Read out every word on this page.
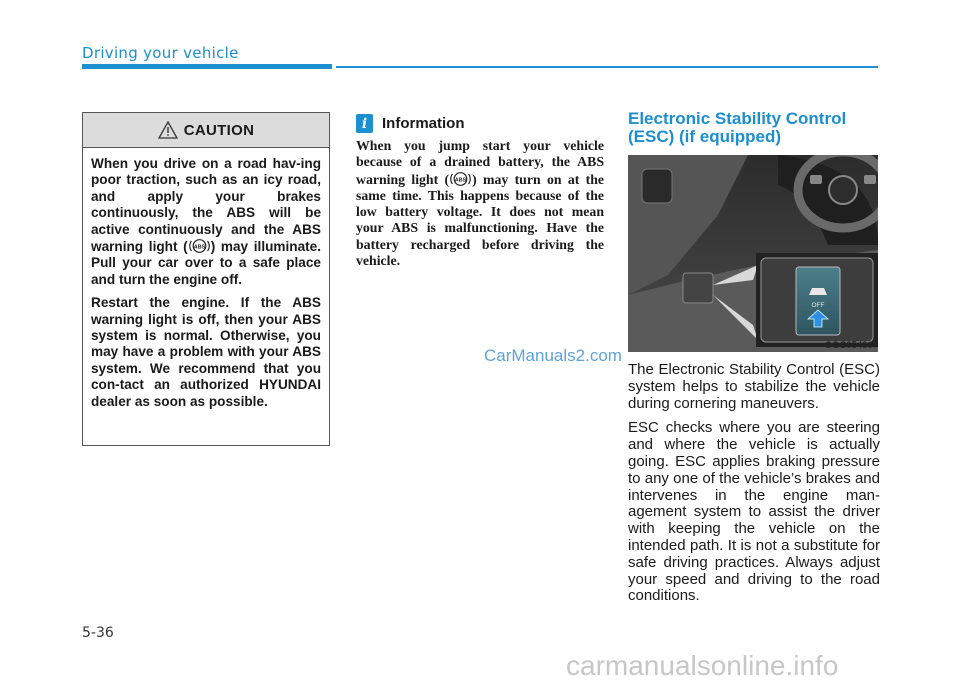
Driving your vehicle
CAUTION

When you drive on a road hav-ing poor traction, such as an icy road, and apply your brakes continuously, the ABS will be active continuously and the ABS warning light ( ABS ) may illuminate. Pull your car over to a safe place and turn the engine off.

Restart the engine. If the ABS warning light is off, then your ABS system is normal. Otherwise, you may have a problem with your ABS system. We recommend that you con-tact an authorized HYUNDAI dealer as soon as possible.

i Information
When you jump start your vehicle because of a drained battery, the ABS warning light ( ABS ) may turn on at the same time. This happens because of the low battery voltage. It does not mean your ABS is malfunctioning. Have the battery recharged before driving the vehicle.
Electronic Stability Control (ESC) (if equipped)
OFF
OGC054007

The Electronic Stability Control (ESC) system helps to stabilize the vehicle during cornering maneuvers.

ESC checks where you are steering and where the vehicle is actually going. ESC applies braking pressure to any one of the vehicle’s brakes and intervenes in the engine man-agement system to assist the driver with keeping the vehicle on the intended path. It is not a substitute for safe driving practices. Always adjust your speed and driving to the road conditions.

CarManuals2.com
5-36
carmanualsonline.info
